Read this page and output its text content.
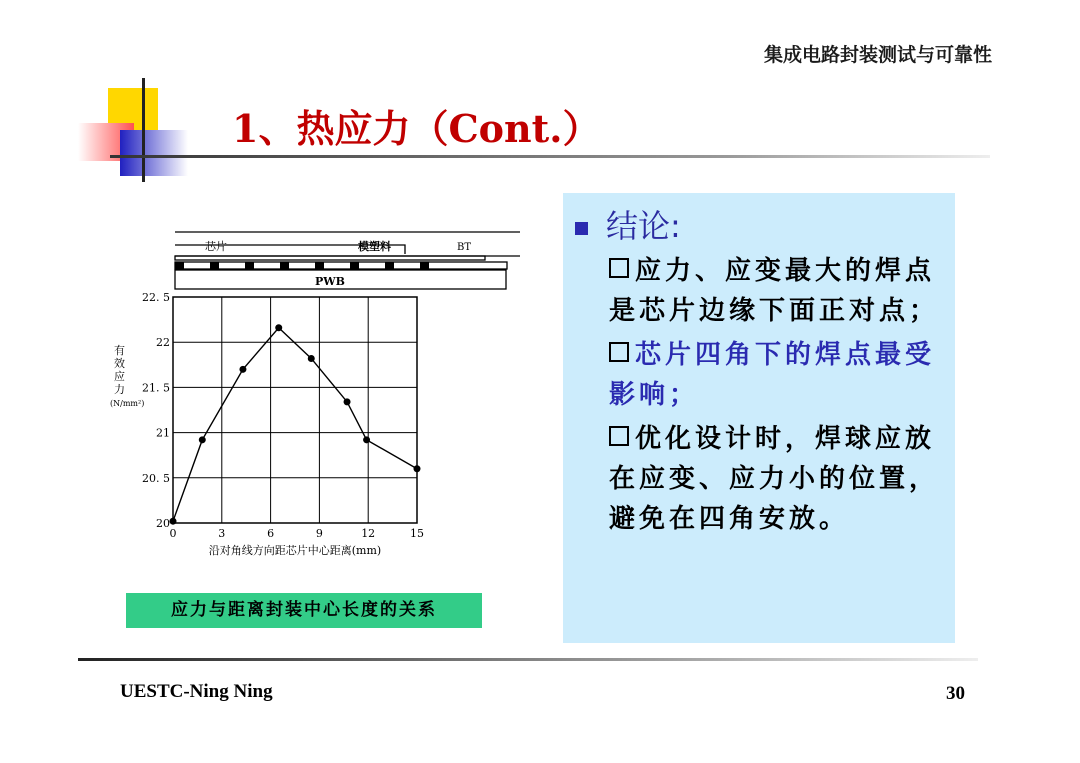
集成电路封装测试与可靠性
1、热应力（Cont.）
芯片	模塑料	BT
PWB
0	3	6	9	12	15
20
20. 5
21
21. 5
22
22. 5
沿对角线方向距芯片中心距离(mm)
有
效
应
力
(N/mm²)
应力与距离封装中心长度的关系
结论:
应力、应变最大的焊点是芯片边缘下面正对点；
芯片四角下的焊点最受影响；
优化设计时，焊球应放在应变、应力小的位置，避免在四角安放。
UESTC-Ning Ning	30
